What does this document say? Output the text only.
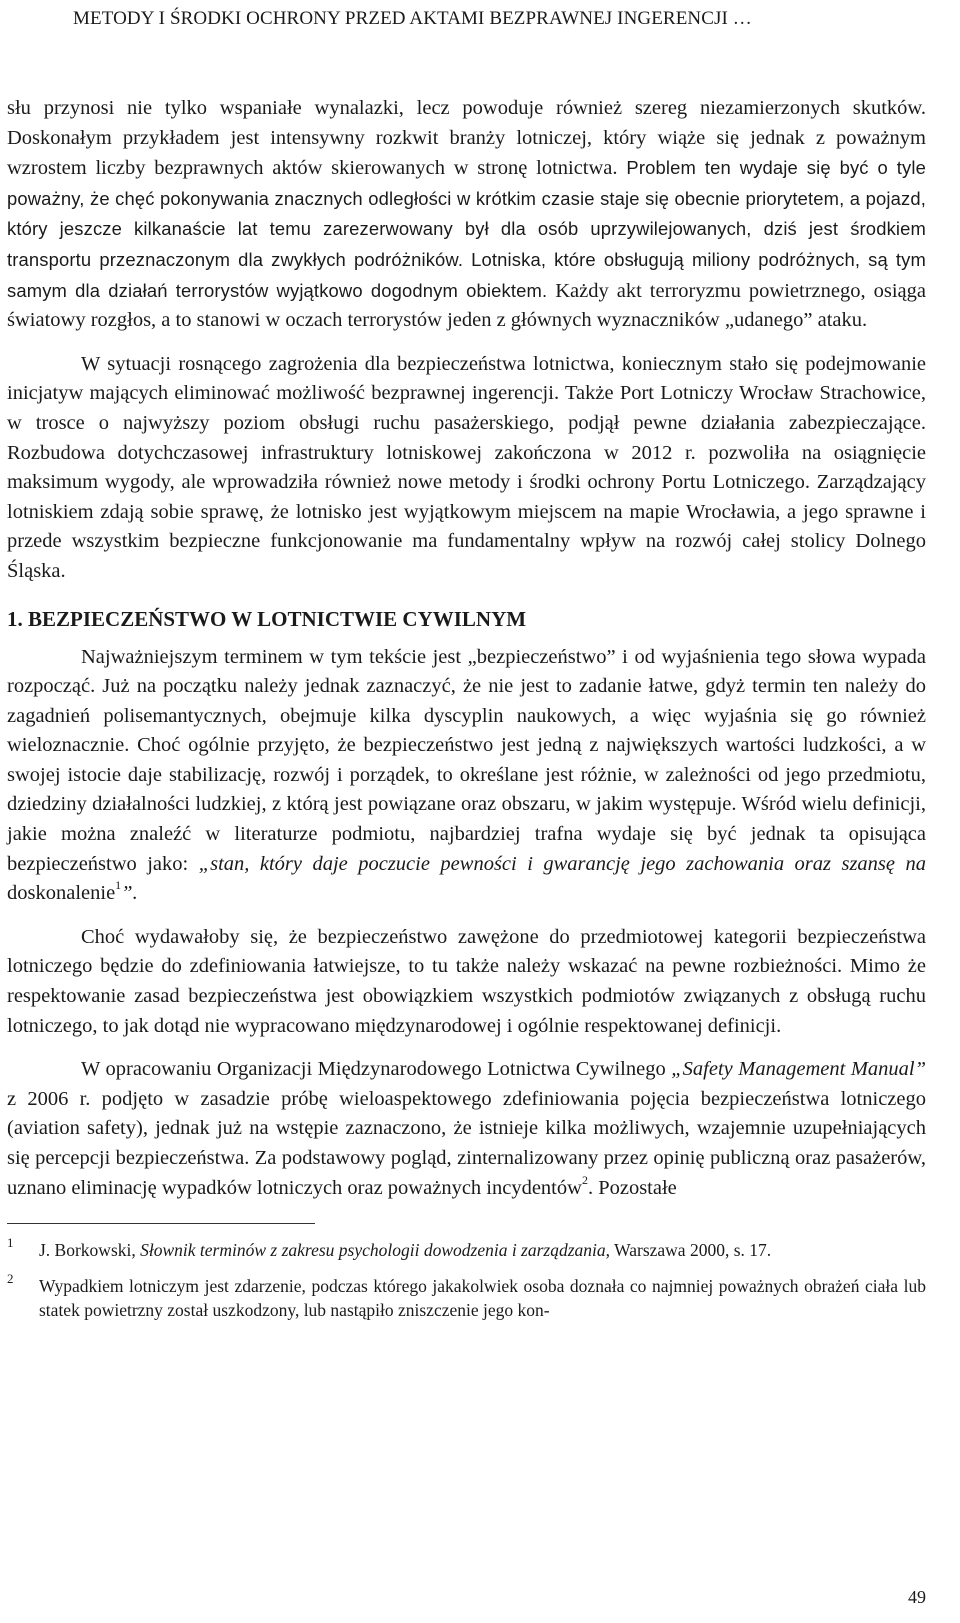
METODY I ŚRODKI OCHRONY PRZED AKTAMI BEZPRAWNEJ INGERENCJI …

słu przynosi nie tylko wspaniałe wynalazki, lecz powoduje również szereg niezamierzonych skutków. Doskonałym przykładem jest intensywny rozkwit branży lotniczej, który wiąże się jednak z poważnym wzrostem liczby bezprawnych aktów skierowanych w stronę lotnictwa. Problem ten wydaje się być o tyle poważny, że chęć pokonywania znacznych odległości w krótkim czasie staje się obecnie priorytetem, a pojazd, który jeszcze kilkanaście lat temu zarezerwowany był dla osób uprzywilejowanych, dziś jest środkiem transportu przeznaczonym dla zwykłych podróżników. Lotniska, które obsługują miliony podróżnych, są tym samym dla działań terrorystów wyjątkowo dogodnym obiektem. Każdy akt terroryzmu powietrznego, osiąga światowy rozgłos, a to stanowi w oczach terrorystów jeden z głównych wyznaczników „udanego” ataku.

W sytuacji rosnącego zagrożenia dla bezpieczeństwa lotnictwa, koniecznym stało się podejmowanie inicjatyw mających eliminować możliwość bezprawnej ingerencji. Także Port Lotniczy Wrocław Strachowice, w trosce o najwyższy poziom obsługi ruchu pasażerskiego, podjął pewne działania zabezpieczające. Rozbudowa dotychczasowej infrastruktury lotniskowej zakończona w 2012 r. pozwoliła na osiągnięcie maksimum wygody, ale wprowadziła również nowe metody i środki ochrony Portu Lotniczego. Zarządzający lotniskiem zdają sobie sprawę, że lotnisko jest wyjątkowym miejscem na mapie Wrocławia, a jego sprawne i przede wszystkim bezpieczne funkcjonowanie ma fundamentalny wpływ na rozwój całej stolicy Dolnego Śląska.

1. BEZPIECZEŃSTWO W LOTNICTWIE CYWILNYM

Najważniejszym terminem w tym tekście jest „bezpieczeństwo” i od wyjaśnienia tego słowa wypada rozpocząć. Już na początku należy jednak zaznaczyć, że nie jest to zadanie łatwe, gdyż termin ten należy do zagadnień polisemantycznych, obejmuje kilka dyscyplin naukowych, a więc wyjaśnia się go również wieloznacznie. Choć ogólnie przyjęto, że bezpieczeństwo jest jedną z największych wartości ludzkości, a w swojej istocie daje stabilizację, rozwój i porządek, to określane jest różnie, w zależności od jego przedmiotu, dziedziny działalności ludzkiej, z którą jest powiązane oraz obszaru, w jakim występuje. Wśród wielu definicji, jakie można znaleźć w literaturze podmiotu, najbardziej trafna wydaje się być jednak ta opisująca bezpieczeństwo jako: „stan, który daje poczucie pewności i gwarancję jego zachowania oraz szansę na doskonalenie$^1$”.

Choć wydawałoby się, że bezpieczeństwo zawężone do przedmiotowej kategorii bezpieczeństwa lotniczego będzie do zdefiniowania łatwiejsze, to tu także należy wskazać na pewne rozbieżności. Mimo że respektowanie zasad bezpieczeństwa jest obowiązkiem wszystkich podmiotów związanych z obsługą ruchu lotniczego, to jak dotąd nie wypracowano międzynarodowej i ogólnie respektowanej definicji.

W opracowaniu Organizacji Międzynarodowego Lotnictwa Cywilnego „Safety Management Manual” z 2006 r. podjęto w zasadzie próbę wieloaspektowego zdefiniowania pojęcia bezpieczeństwa lotniczego (aviation safety), jednak już na wstępie zaznaczono, że istnieje kilka możliwych, wzajemnie uzupełniających się percepcji bezpieczeństwa. Za podstawowy pogląd, zinternalizowany przez opinię publiczną oraz pasażerów, uznano eliminację wypadków lotniczych oraz poważnych incydentów$^2$. Pozostałe

1 J. Borkowski, Słownik terminów z zakresu psychologii dowodzenia i zarządzania, Warszawa 2000, s. 17.
2 Wypadkiem lotniczym jest zdarzenie, podczas którego jakakolwiek osoba doznała co najmniej poważnych obrażeń ciała lub statek powietrzny został uszkodzony, lub nastąpiło zniszczenie jego kon-
49
